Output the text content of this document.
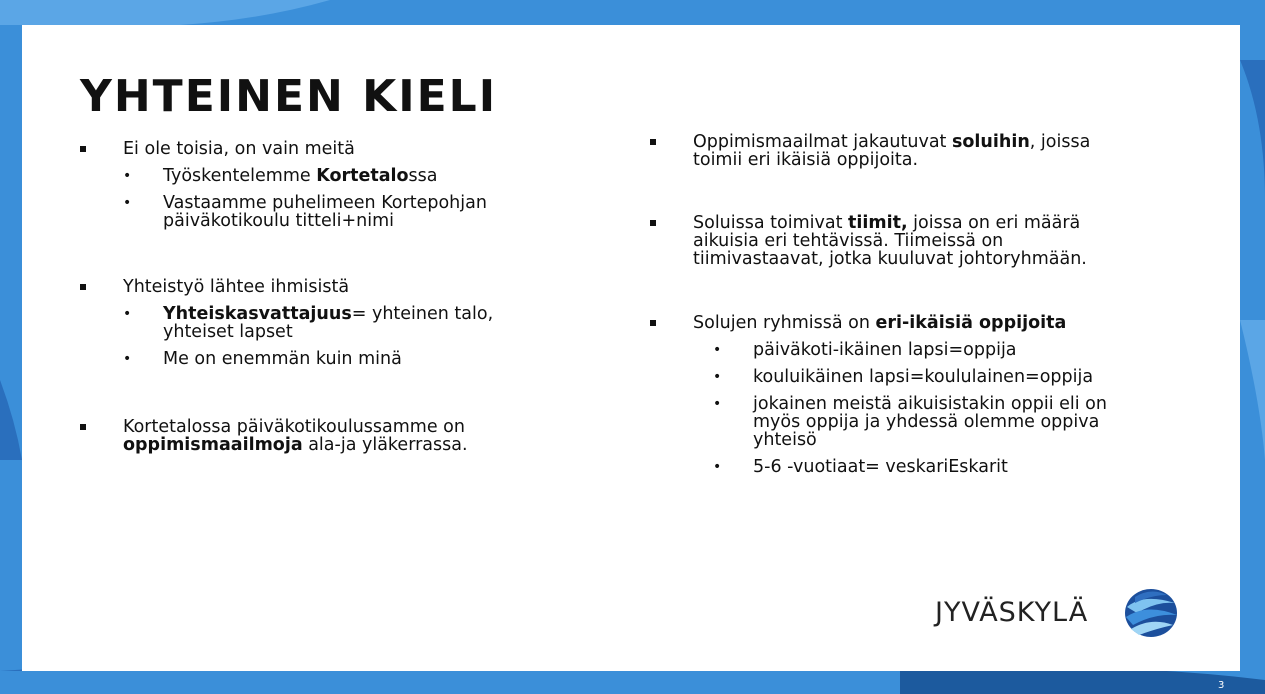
YHTEINEN KIELI
Ei ole toisia, on vain meitä
• Työskentelemme Kortetalossa
• Vastaamme puhelimeen Kortepohjan
päiväkotikoulu titteli+nimi
Yhteistyö lähtee ihmisistä
• Yhteiskasvattajuus= yhteinen talo,
yhteiset lapset
• Me on enemmän kuin minä
Kortetalossa päiväkotikoulussamme on
oppimismaailmoja ala-ja yläkerrassa.
Oppimismaailmat jakautuvat soluihin, joissa
toimii eri ikäisiä oppijoita.
Soluissa toimivat tiimit, joissa on eri määrä
aikuisia eri tehtävissä. Tiimeissä on
tiimivastaavat, jotka kuuluvat johtoryhmään.
Solujen ryhmissä on eri-ikäisiä oppijoita
• päiväkoti-ikäinen lapsi=oppija
• kouluikäinen lapsi=koululainen=oppija
• jokainen meistä aikuisistakin oppii eli on
myös oppija ja yhdessä olemme oppiva
yhteisö
• 5-6 -vuotiaat= veskariEskarit
JYVÄSKYLÄ
3
